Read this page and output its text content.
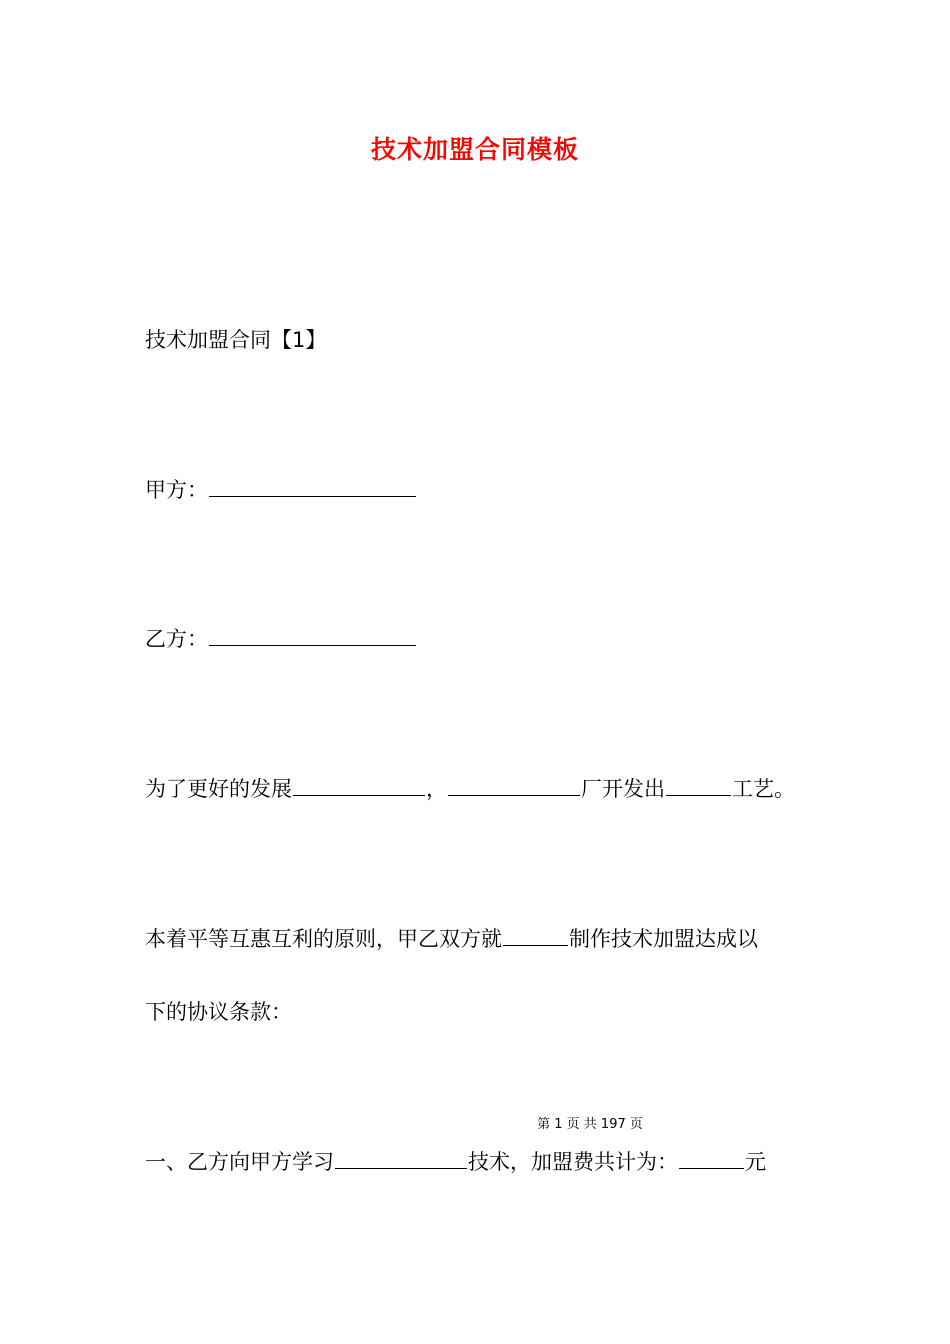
技术加盟合同模板
技术加盟合同【1】
甲方：
乙方：
为了更好的发展	，	厂开发出	工艺。
本着平等互惠互利的原则，甲乙双方就	制作技术加盟达成以
下的协议条款：
第 1 页 共 197 页
一、乙方向甲方学习	技术，加盟费共计为：	元
